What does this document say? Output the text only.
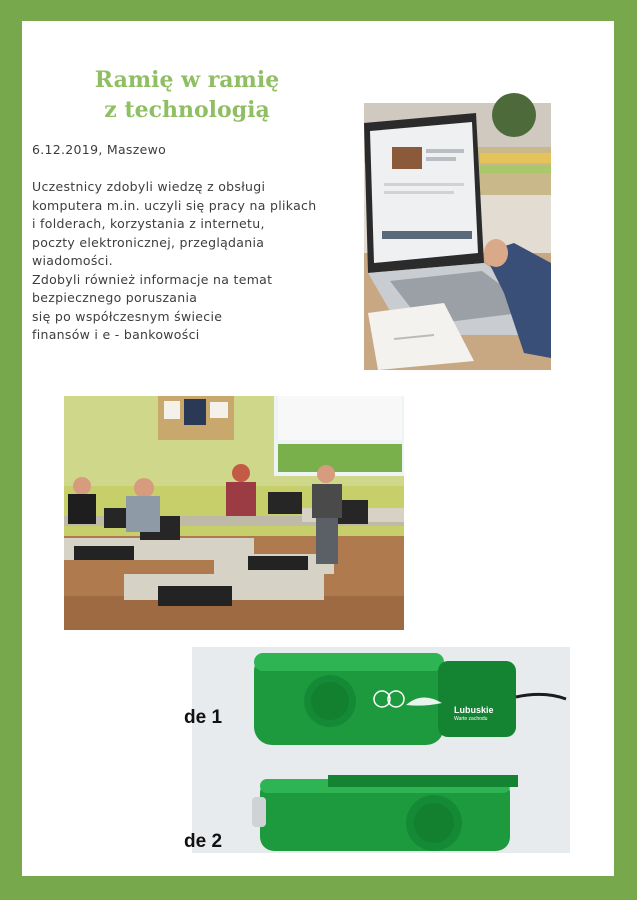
Ramię w ramię
z technologią
6.12.2019, Maszewo
Uczestnicy zdobyli wiedzę z obsługi
komputera m.in. uczyli się pracy na plikach
i folderach, korzystania z internetu,
poczty elektronicznej, przeglądania
wiadomości.
Zdobyli również informacje na temat
bezpiecznego poruszania
się po współczesnym świecie
finansów i e - bankowości
de 1
de 2
Lubuskie
Warte zachodu
